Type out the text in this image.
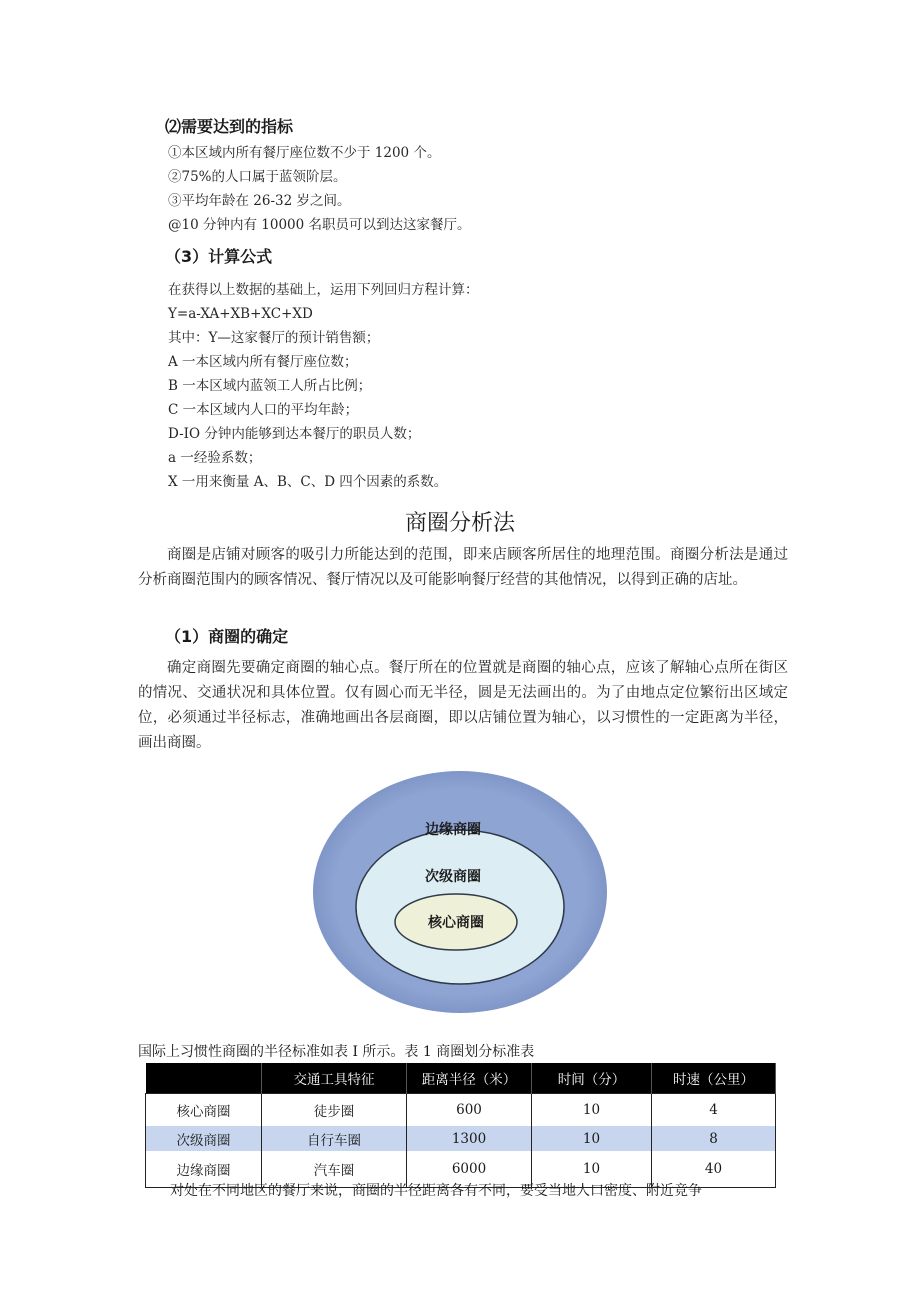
⑵需要达到的指标
①本区域内所有餐厅座位数不少于 1200 个。
②75%的人口属于蓝领阶层。
③平均年龄在 26-32 岁之间。
@10 分钟内有 10000 名职员可以到达这家餐厅。
（3）计算公式
在获得以上数据的基础上，运用下列回归方程计算：
Y=a-XA+XB+XC+XD
其中：Y—这家餐厅的预计销售额；
A 一本区域内所有餐厅座位数；
B 一本区域内蓝领工人所占比例；
C 一本区域内人口的平均年龄；
D-IO 分钟内能够到达本餐厅的职员人数；
a 一经验系数；
X 一用来衡量 A、B、C、D 四个因素的系数。
商圈分析法
商圈是店铺对顾客的吸引力所能达到的范围，即来店顾客所居住的地理范围。商圈分析法是通过分析商圈范围内的顾客情况、餐厅情况以及可能影响餐厅经营的其他情况，以得到正确的店址。
（1）商圈的确定
确定商圈先要确定商圈的轴心点。餐厅所在的位置就是商圈的轴心点，应该了解轴心点所在街区的情况、交通状况和具体位置。仅有圆心而无半径，圆是无法画出的。为了由地点定位繁衍出区域定位，必须通过半径标志，准确地画出各层商圈，即以店铺位置为轴心，以习惯性的一定距离为半径，画出商圈。
边缘商圈
次级商圈
核心商圈
国际上习惯性商圈的半径标准如表 I 所示。表 1 商圈划分标准表
	交通工具特征	距离半径（米）	时间（分）	时速（公里）
核心商圈	徒步圈	600	10	4
次级商圈	自行车圈	1300	10	8
边缘商圈	汽车圈	6000	10	40
对处在不同地区的餐厅来说，商圈的半径距离各有不同，要受当地人口密度、附近竞争
